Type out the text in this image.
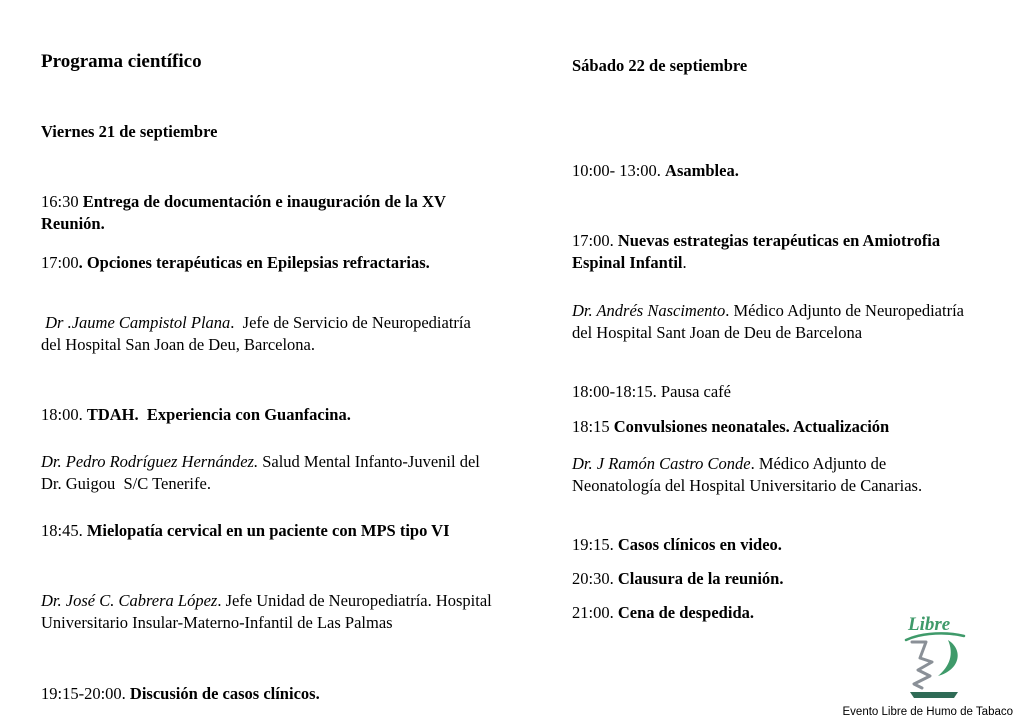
Programa científico
Viernes 21 de septiembre
16:30 Entrega de documentación e inauguración de la XV Reunión.
17:00. Opciones terapéuticas en Epilepsias refractarias.
Dr .Jaume Campistol Plana.  Jefe de Servicio de Neuropediatría del Hospital San Joan de Deu, Barcelona.
18:00. TDAH.  Experiencia con Guanfacina.
Dr. Pedro Rodríguez Hernández. Salud Mental Infanto-Juvenil del Dr. Guigou  S/C Tenerife.
18:45. Mielopatía cervical en un paciente con MPS tipo VI
Dr. José C. Cabrera López. Jefe Unidad de Neuropediatría. Hospital Universitario Insular-Materno-Infantil de Las Palmas
19:15-20:00. Discusión de casos clínicos.
Sábado 22 de septiembre
10:00- 13:00. Asamblea.
17:00. Nuevas estrategias terapéuticas en Amiotrofia Espinal Infantil.
Dr. Andrés Nascimento. Médico Adjunto de Neuropediatría del Hospital Sant Joan de Deu de Barcelona
18:00-18:15. Pausa café
18:15 Convulsiones neonatales. Actualización
Dr. J Ramón Castro Conde. Médico Adjunto de Neonatología del Hospital Universitario de Canarias.
19:15. Casos clínicos en video.
20:30. Clausura de la reunión.
21:00. Cena de despedida.
Libre
Evento Libre de Humo de Tabaco
